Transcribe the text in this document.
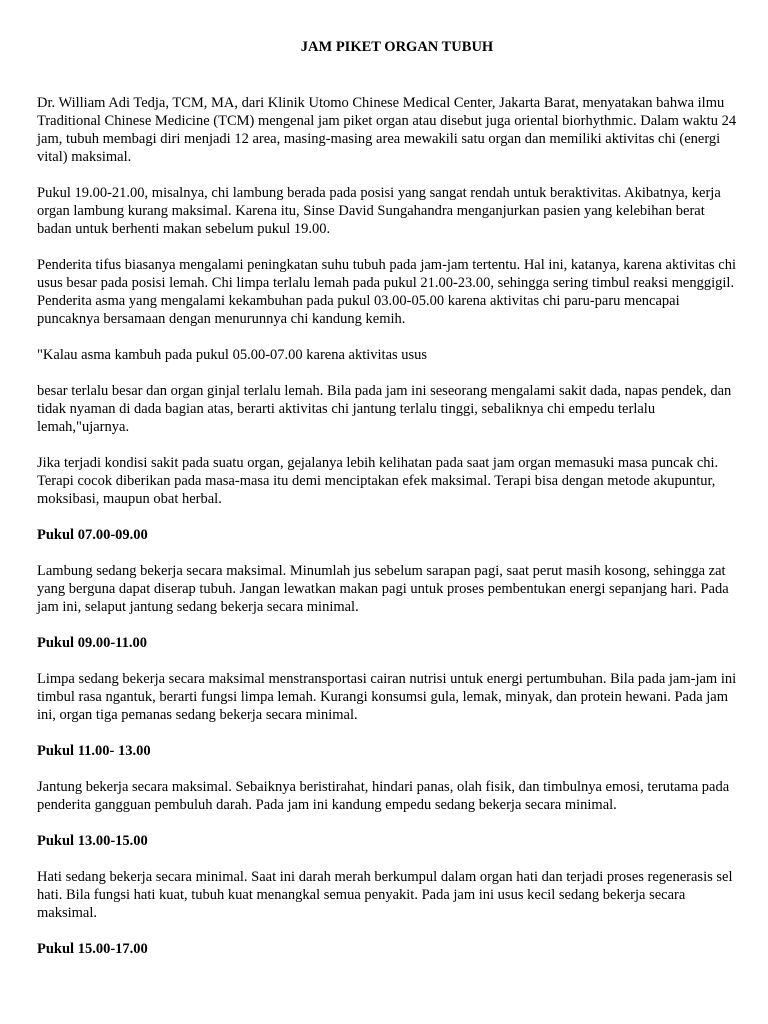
JAM PIKET ORGAN TUBUH

Dr. William Adi Tedja, TCM, MA, dari Klinik Utomo Chinese Medical Center, Jakarta Barat, menyatakan bahwa ilmu Traditional Chinese Medicine (TCM) mengenal jam piket organ atau disebut juga oriental biorhythmic. Dalam waktu 24 jam, tubuh membagi diri menjadi 12 area, masing-masing area mewakili satu organ dan memiliki aktivitas chi (energi vital) maksimal.

Pukul 19.00-21.00, misalnya, chi lambung berada pada posisi yang sangat rendah untuk beraktivitas. Akibatnya, kerja organ lambung kurang maksimal. Karena itu, Sinse David Sungahandra menganjurkan pasien yang kelebihan berat badan untuk berhenti makan sebelum pukul 19.00.

Penderita tifus biasanya mengalami peningkatan suhu tubuh pada jam-jam tertentu. Hal ini, katanya, karena aktivitas chi usus besar pada posisi lemah. Chi limpa terlalu lemah pada pukul 21.00-23.00, sehingga sering timbul reaksi menggigil. Penderita asma yang mengalami kekambuhan pada pukul 03.00-05.00 karena aktivitas chi paru-paru mencapai puncaknya bersamaan dengan menurunnya chi kandung kemih.

"Kalau asma kambuh pada pukul 05.00-07.00 karena aktivitas usus

besar terlalu besar dan organ ginjal terlalu lemah. Bila pada jam ini seseorang mengalami sakit dada, napas pendek, dan tidak nyaman di dada bagian atas, berarti aktivitas chi jantung terlalu tinggi, sebaliknya chi empedu terlalu lemah,"ujarnya.

Jika terjadi kondisi sakit pada suatu organ, gejalanya lebih kelihatan pada saat jam organ memasuki masa puncak chi. Terapi cocok diberikan pada masa-masa itu demi menciptakan efek maksimal. Terapi bisa dengan metode akupuntur, moksibasi, maupun obat herbal.

Pukul 07.00-09.00

Lambung sedang bekerja secara maksimal. Minumlah jus sebelum sarapan pagi, saat perut masih kosong, sehingga zat yang berguna dapat diserap tubuh. Jangan lewatkan makan pagi untuk proses pembentukan energi sepanjang hari. Pada jam ini, selaput jantung sedang bekerja secara minimal.

Pukul 09.00-11.00

Limpa sedang bekerja secara maksimal menstransportasi cairan nutrisi untuk energi pertumbuhan. Bila pada jam-jam ini timbul rasa ngantuk, berarti fungsi limpa lemah. Kurangi konsumsi gula, lemak, minyak, dan protein hewani. Pada jam ini, organ tiga pemanas sedang bekerja secara minimal.

Pukul 11.00- 13.00

Jantung bekerja secara maksimal. Sebaiknya beristirahat, hindari panas, olah fisik, dan timbulnya emosi, terutama pada penderita gangguan pembuluh darah. Pada jam ini kandung empedu sedang bekerja secara minimal.

Pukul 13.00-15.00

Hati sedang bekerja secara minimal. Saat ini darah merah berkumpul dalam organ hati dan terjadi proses regenerasis sel hati. Bila fungsi hati kuat, tubuh kuat menangkal semua penyakit. Pada jam ini usus kecil sedang bekerja secara maksimal.

Pukul 15.00-17.00
